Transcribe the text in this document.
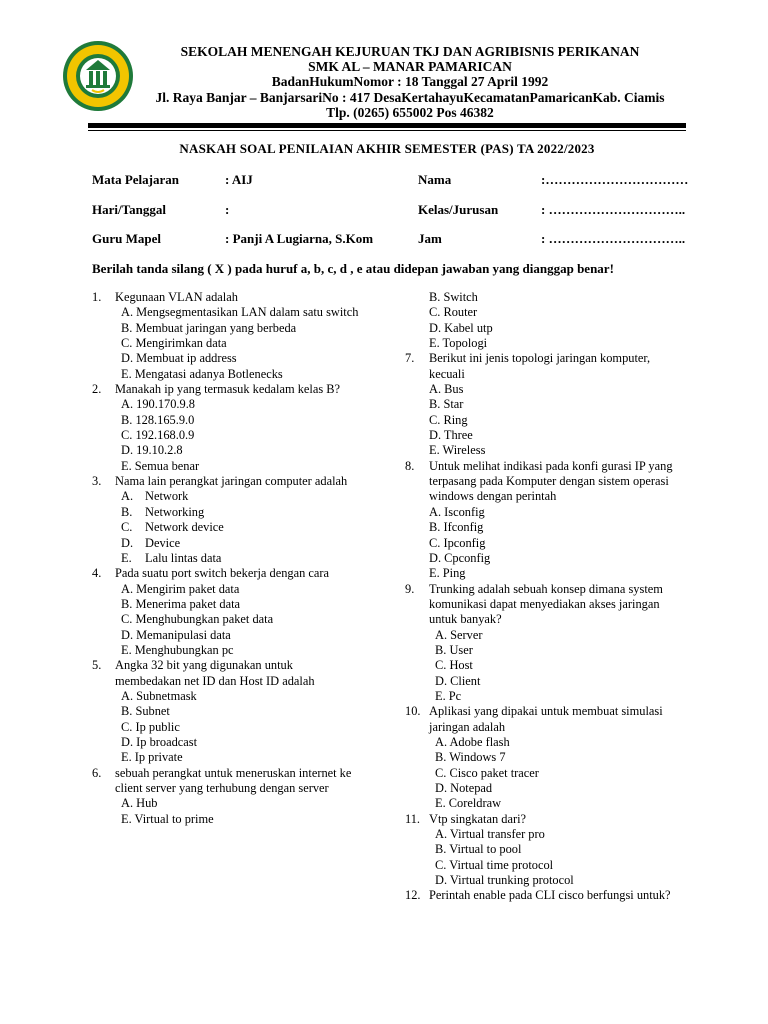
SEKOLAH MENENGAH KEJURUAN TKJ DAN AGRIBISNIS PERIKANAN
SMK AL – MANAR PAMARICAN
BadanHukumNomor : 18 Tanggal 27 April 1992
Jl. Raya Banjar – BanjarsariNo : 417 DesaKertahayuKecamatanPamaricanKab. Ciamis
Tlp. (0265) 655002 Pos 46382
NASKAH SOAL PENILAIAN AKHIR SEMESTER (PAS) TA 2022/2023
Mata Pelajaran	: AIJ	Nama	:……………………………
Hari/Tanggal	:	Kelas/Jurusan	: …………………………..
Guru Mapel	: Panji A Lugiarna, S.Kom	Jam	: …………………………..
Berilah tanda silang ( X ) pada huruf a, b, c, d , e atau didepan jawaban yang dianggap benar!
1.	Kegunaan VLAN adalah
A. Mengsegmentasikan LAN dalam satu switch
B. Membuat jaringan yang berbeda
C. Mengirimkan data
D. Membuat ip address
E. Mengatasi adanya Botlenecks
2.	Manakah ip yang termasuk kedalam kelas B?
A. 190.170.9.8
B. 128.165.9.0
C. 192.168.0.9
D. 19.10.2.8
E. Semua benar
3.	Nama lain perangkat jaringan computer adalah
A. Network
B.	Networking
C.	Network device
D. Device
E.	Lalu lintas data
4.	Pada suatu port switch bekerja dengan cara
A. Mengirim paket data
B. Menerima paket data
C. Menghubungkan paket data
D. Memanipulasi data
E. Menghubungkan pc
5.	Angka 32 bit yang digunakan untuk membedakan net ID dan Host ID adalah
A. Subnetmask
B. Subnet
C. Ip public
D. Ip broadcast
E. Ip private
6.	sebuah perangkat untuk meneruskan internet ke client server yang terhubung dengan server
A. Hub
E. Virtual to prime
B. Switch
C. Router
D. Kabel utp
E. Topologi
7.	Berikut ini jenis topologi jaringan komputer, kecuali
A. Bus
B. Star
C. Ring
D. Three
E. Wireless
8.	Untuk melihat indikasi pada konfi gurasi IP yang terpasang pada Komputer dengan sistem operasi windows dengan perintah
A. Isconfig
B. Ifconfig
C. Ipconfig
D. Cpconfig
E. Ping
9.	Trunking adalah sebuah konsep dimana system komunikasi dapat menyediakan akses jaringan untuk banyak?
A. Server
B. User
C. Host
D. Client
E. Pc
10. Aplikasi yang dipakai untuk membuat simulasi jaringan adalah
A. Adobe flash
B. Windows 7
C. Cisco paket tracer
D. Notepad
E. Coreldraw
11. Vtp singkatan dari?
A. Virtual transfer pro
B. Virtual to pool
C. Virtual time protocol
D. Virtual trunking protocol
12. Perintah enable pada CLI cisco berfungsi untuk?
